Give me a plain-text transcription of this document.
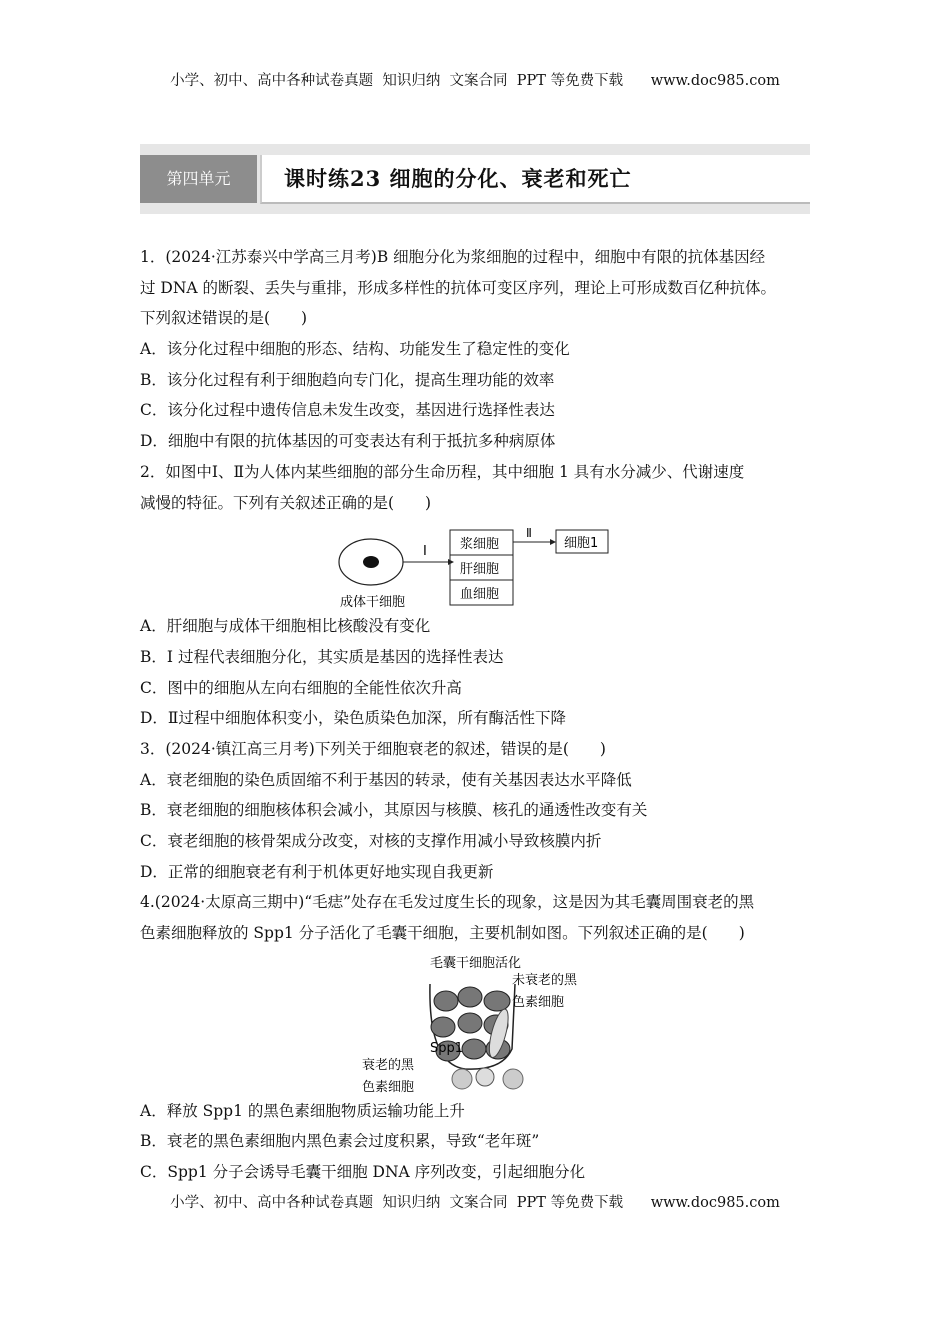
小学、初中、高中各种试卷真题  知识归纳  文案合同  PPT 等免费下载      www.doc985.com
第四单元	课时练23 细胞的分化、衰老和死亡
1．(2024·江苏泰兴中学高三月考)B 细胞分化为浆细胞的过程中，细胞中有限的抗体基因经
过 DNA 的断裂、丢失与重排，形成多样性的抗体可变区序列，理论上可形成数百亿种抗体。
下列叙述错误的是(　　)
A．该分化过程中细胞的形态、结构、功能发生了稳定性的变化
B．该分化过程有利于细胞趋向专门化，提高生理功能的效率
C．该分化过程中遗传信息未发生改变，基因进行选择性表达
D．细胞中有限的抗体基因的可变表达有利于抵抗多种病原体
2．如图中Ⅰ、Ⅱ为人体内某些细胞的部分生命历程，其中细胞 1 具有水分减少、代谢速度
减慢的特征。下列有关叙述正确的是(　　)
成体干细胞
Ⅰ	浆细胞
肝细胞
血细胞
Ⅱ
细胞1
A．肝细胞与成体干细胞相比核酸没有变化
B．Ⅰ 过程代表细胞分化，其实质是基因的选择性表达
C．图中的细胞从左向右细胞的全能性依次升高
D．Ⅱ过程中细胞体积变小，染色质染色加深，所有酶活性下降
3．(2024·镇江高三月考)下列关于细胞衰老的叙述，错误的是(　　)
A．衰老细胞的染色质固缩不利于基因的转录，使有关基因表达水平降低
B．衰老细胞的细胞核体积会减小，其原因与核膜、核孔的通透性改变有关
C．衰老细胞的核骨架成分改变，对核的支撑作用减小导致核膜内折
D．正常的细胞衰老有利于机体更好地实现自我更新
4.(2024·太原高三期中)“毛痣”处存在毛发过度生长的现象，这是因为其毛囊周围衰老的黑
色素细胞释放的 Spp1 分子活化了毛囊干细胞，主要机制如图。下列叙述正确的是(　　)
毛囊干细胞活化
未衰老的黑
色素细胞
Spp1
衰老的黑
色素细胞
A．释放 Spp1 的黑色素细胞物质运输功能上升
B．衰老的黑色素细胞内黑色素会过度积累，导致“老年斑”
C．Spp1 分子会诱导毛囊干细胞 DNA 序列改变，引起细胞分化
小学、初中、高中各种试卷真题  知识归纳  文案合同  PPT 等免费下载      www.doc985.com
